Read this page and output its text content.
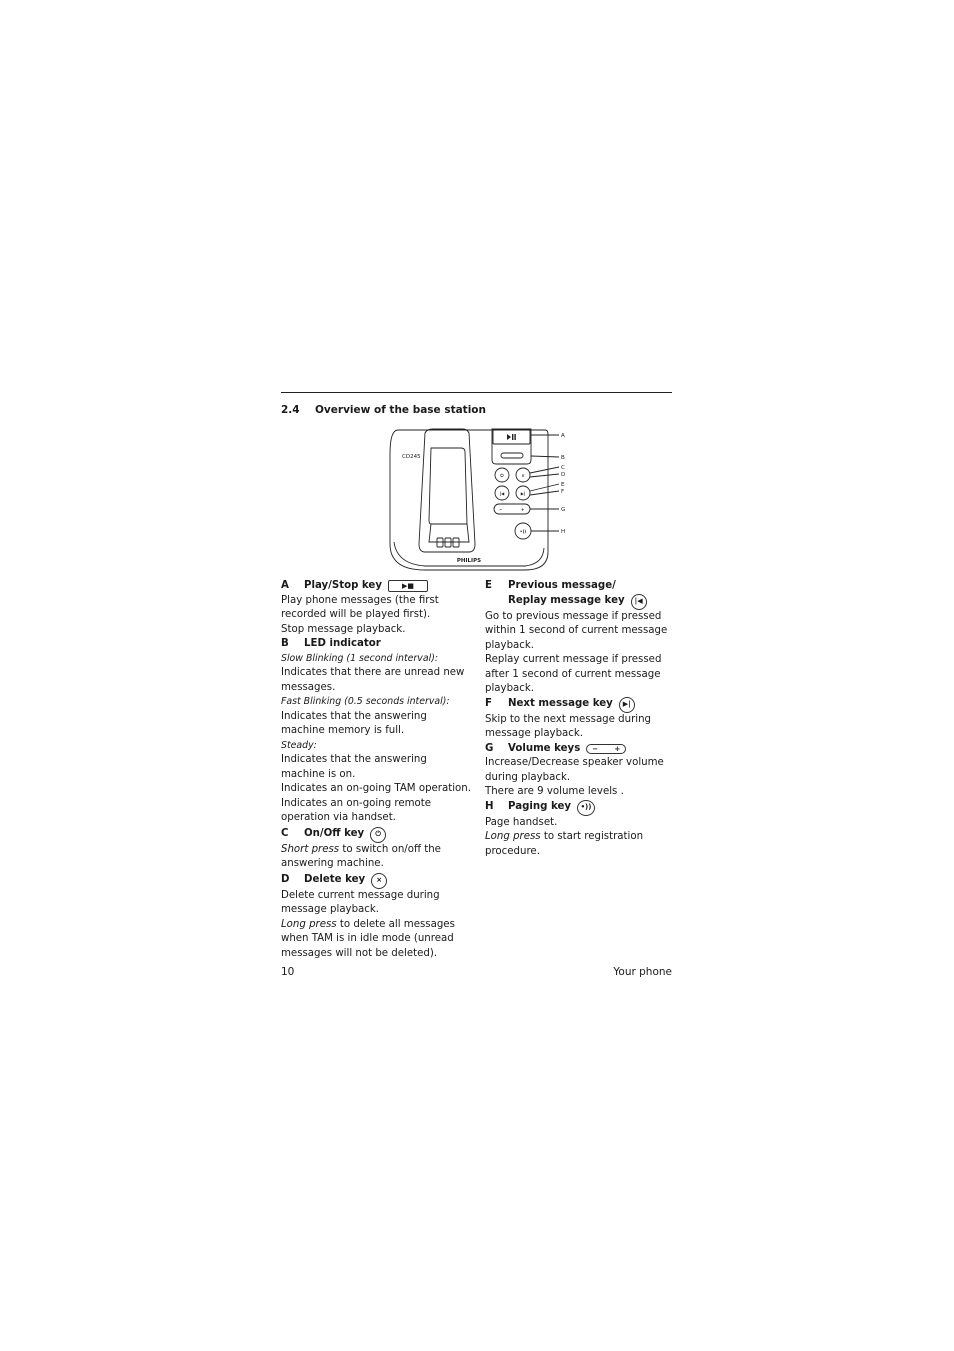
2.4 Overview of the base station
⏻	×
|◀	▶|
−	+
•))
CD245
PHILIPS
A
B
C
D
E
F
G
H
A	Play/Stop key	▶■

Play phone messages (the first recorded will be played first).

Stop message playback.

B	LED indicator

Slow Blinking (1 second interval):

Indicates that there are unread new messages.

Fast Blinking (0.5 seconds interval):

Indicates that the answering machine memory is full.

Steady:

Indicates that the answering machine is on.

Indicates an on-going TAM operation.

Indicates an on-going remote operation via handset.

C	On/Off key	⏻

Short press to switch on/off the answering machine.

D	Delete key	×

Delete current message during message playback.

Long press to delete all messages when TAM is in idle mode (unread messages will not be deleted).

E	Previous message/
Replay message key	|◀

Go to previous message if pressed within 1 second of current message playback.

Replay current message if pressed after 1 second of current message playback.

F	Next message key	▶|

Skip to the next message during message playback.

G	Volume keys − +

Increase/Decrease speaker volume during playback.

There are 9 volume levels .

H	Paging key	•))

Page handset.

Long press to start registration procedure.

10	Your phone
